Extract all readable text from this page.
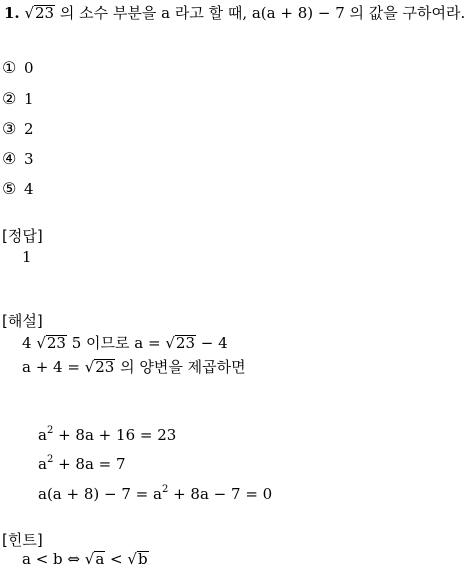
1. √23 의 소수 부분을 a 라고 할 때, a(a + 8) − 7 의 값을 구하여라.
① 0
② 1
③ 2
④ 3
⑤ 4
[정답]
1
[해설]
4 √23 5 이므로 a = √23 − 4
a + 4 = √23 의 양변을 제곱하면
$a^2 + 8a + 16 = 23$
$a^2 + 8a = 7$
$a(a + 8) - 7 = a^2 + 8a - 7 = 0$
[힌트]
a < b ⇔ √a < √b
